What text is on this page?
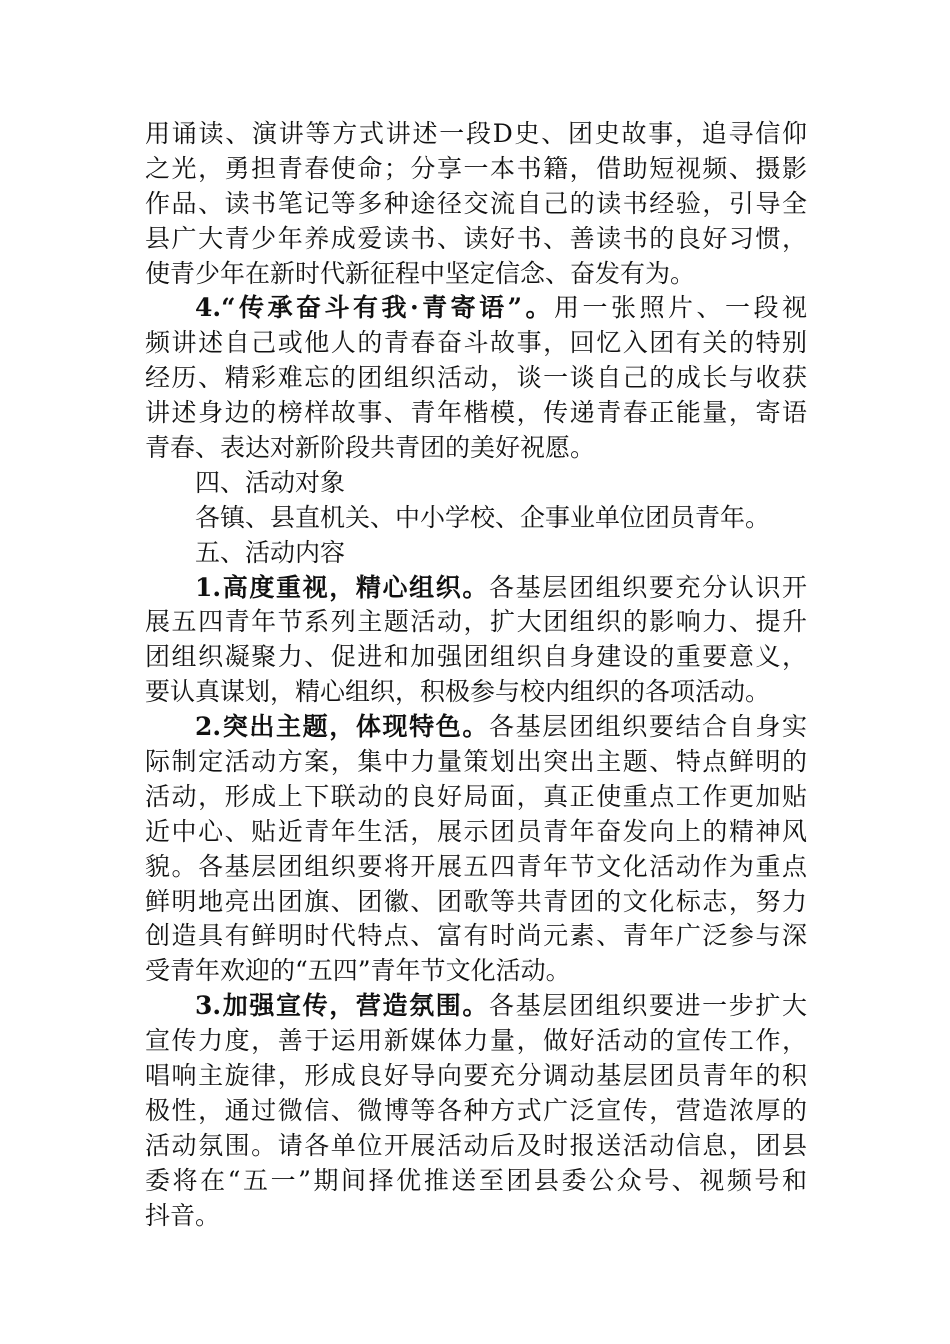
用诵读、演讲等方式讲述一段D史、团史故事，追寻信仰
之光，勇担青春使命；分享一本书籍，借助短视频、摄影
作品、读书笔记等多种途径交流自己的读书经验，引导全
县广大青少年养成爱读书、读好书、善读书的良好习惯，
使青少年在新时代新征程中坚定信念、奋发有为。
4.“传承奋斗有我·青寄语”。用一张照片、一段视
频讲述自己或他人的青春奋斗故事，回忆入团有关的特别
经历、精彩难忘的团组织活动，谈一谈自己的成长与收获
讲述身边的榜样故事、青年楷模，传递青春正能量，寄语
青春、表达对新阶段共青团的美好祝愿。
四、活动对象
各镇、县直机关、中小学校、企事业单位团员青年。
五、活动内容
1.高度重视，精心组织。各基层团组织要充分认识开
展五四青年节系列主题活动，扩大团组织的影响力、提升
团组织凝聚力、促进和加强团组织自身建设的重要意义，
要认真谋划，精心组织，积极参与校内组织的各项活动。
2.突出主题，体现特色。各基层团组织要结合自身实
际制定活动方案，集中力量策划出突出主题、特点鲜明的
活动，形成上下联动的良好局面，真正使重点工作更加贴
近中心、贴近青年生活，展示团员青年奋发向上的精神风
貌。各基层团组织要将开展五四青年节文化活动作为重点
鲜明地亮出团旗、团徽、团歌等共青团的文化标志，努力
创造具有鲜明时代特点、富有时尚元素、青年广泛参与深
受青年欢迎的“五四”青年节文化活动。
3.加强宣传，营造氛围。各基层团组织要进一步扩大
宣传力度，善于运用新媒体力量，做好活动的宣传工作，
唱响主旋律，形成良好导向要充分调动基层团员青年的积
极性，通过微信、微博等各种方式广泛宣传，营造浓厚的
活动氛围。请各单位开展活动后及时报送活动信息，团县
委将在“五一”期间择优推送至团县委公众号、视频号和
抖音。
